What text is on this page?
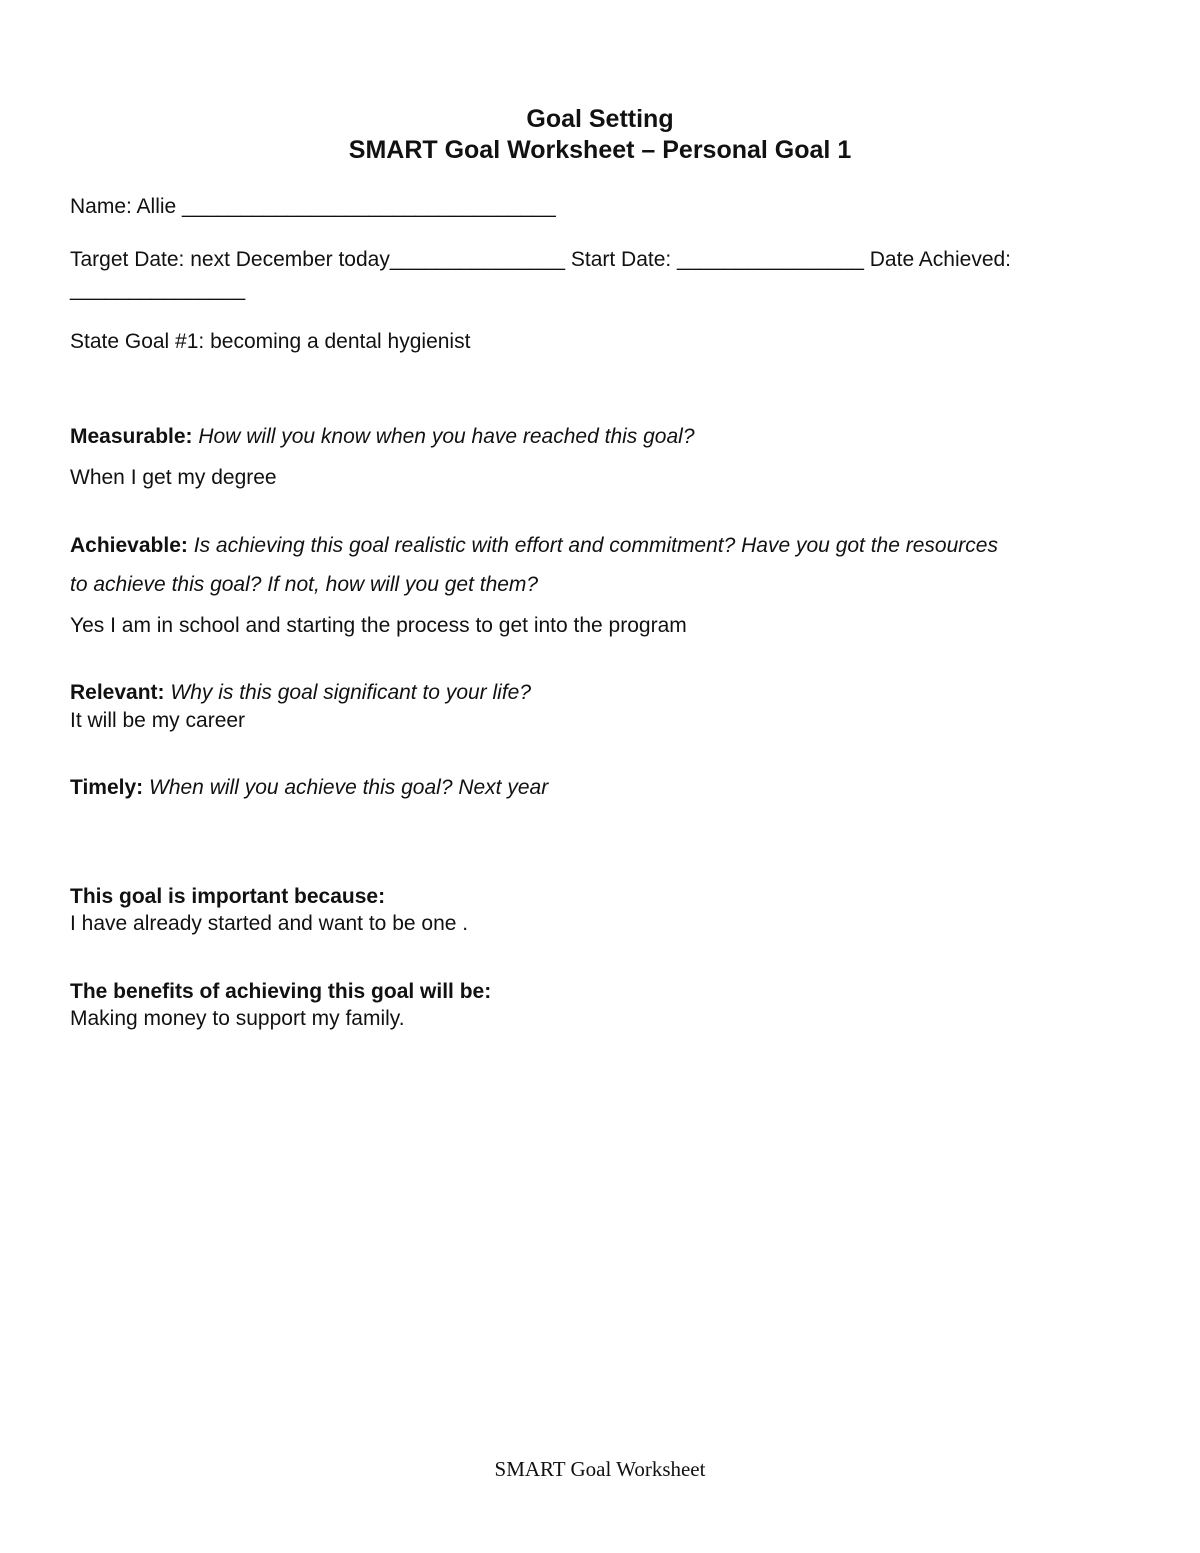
Goal Setting
SMART Goal Worksheet – Personal Goal 1
Name: Allie ________________________________
Target Date: next December today_______________ Start Date: ________________ Date Achieved:
_______________
State Goal #1: becoming a dental hygienist
Measurable: How will you know when you have reached this goal?
When I get my degree
Achievable: Is achieving this goal realistic with effort and commitment? Have you got the resources
to achieve this goal? If not, how will you get them?
Yes I am in school and starting the process to get into the program
Relevant: Why is this goal significant to your life?
It will be my career
Timely: When will you achieve this goal? Next year
This goal is important because:
I have already started and want to be one .
The benefits of achieving this goal will be:
Making money to support my family.
SMART Goal Worksheet
